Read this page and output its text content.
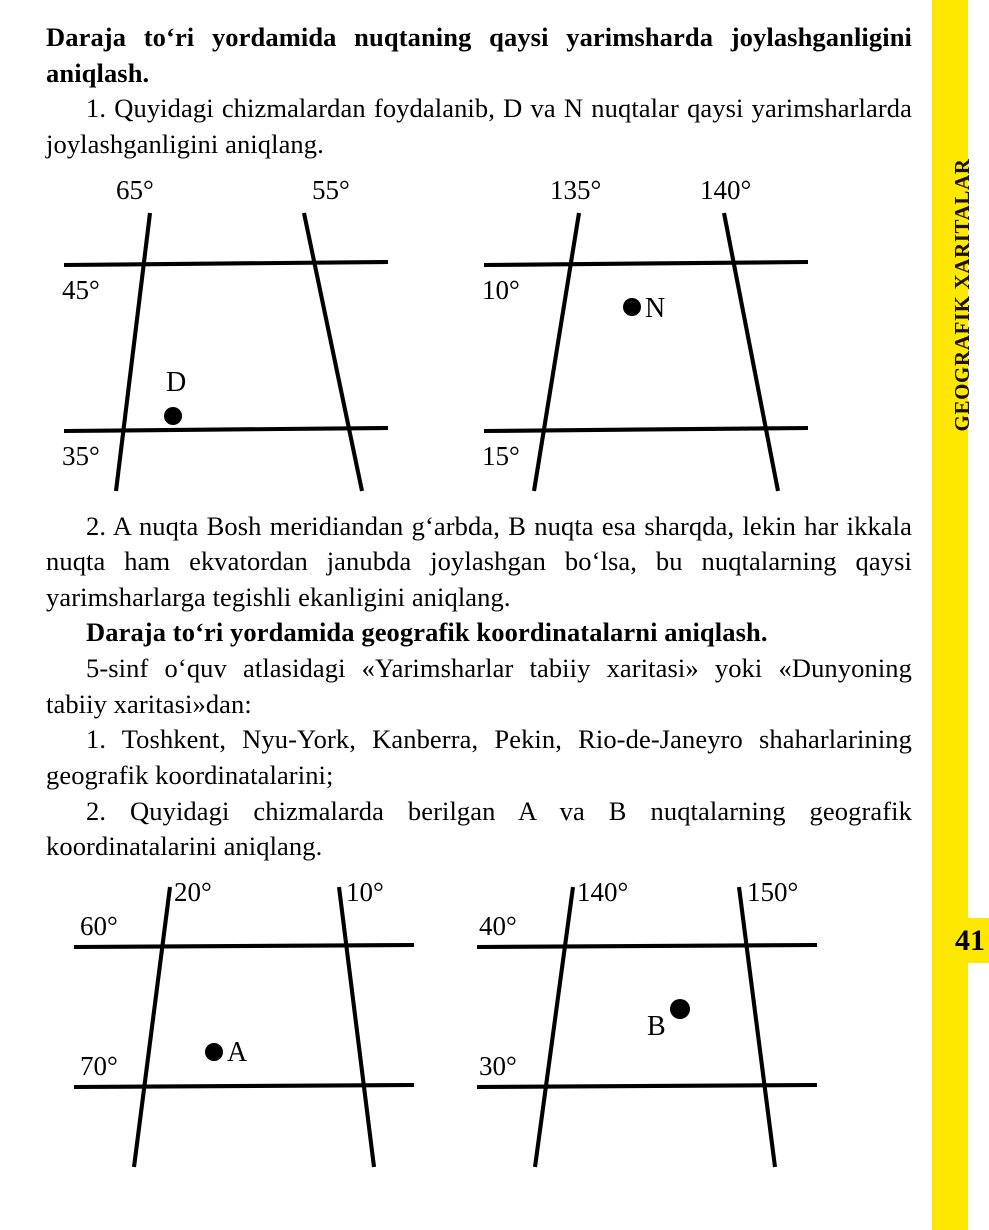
Daraja to‘ri yordamida nuqtaning qaysi yarimsharda joylashganligini aniqlash.

1. Quyidagi chizmalardan foydalanib, D va N nuqtalar qaysi yarimsharlarda joylashganligini aniqlang.

65°	55°
45°
35°
D
135°	140°
10°
15°
N

2. A nuqta Bosh meridiandan g‘arbda, B nuqta esa sharqda, lekin har ikkala nuqta ham ekvatordan janubda joylashgan bo‘lsa, bu nuqtalarning qaysi yarimsharlarga tegishli ekanligini aniqlang.

Daraja to‘ri yordamida geografik koordinatalarni aniqlash.

5-sinf o‘quv atlasidagi «Yarimsharlar tabiiy xaritasi» yoki «Dunyoning tabiiy xaritasi»dan:

1. Toshkent, Nyu-York, Kanberra, Pekin, Rio-de-Janeyro shaharlarining geografik koordinatalarini;

2. Quyidagi chizmalarda berilgan A va B nuqtalarning geografik koordinatalarini aniqlang.

20°	10°
60°
70°	A
140°	150°
40°
30°
B
GEOGRAFIK XARITALAR
41
